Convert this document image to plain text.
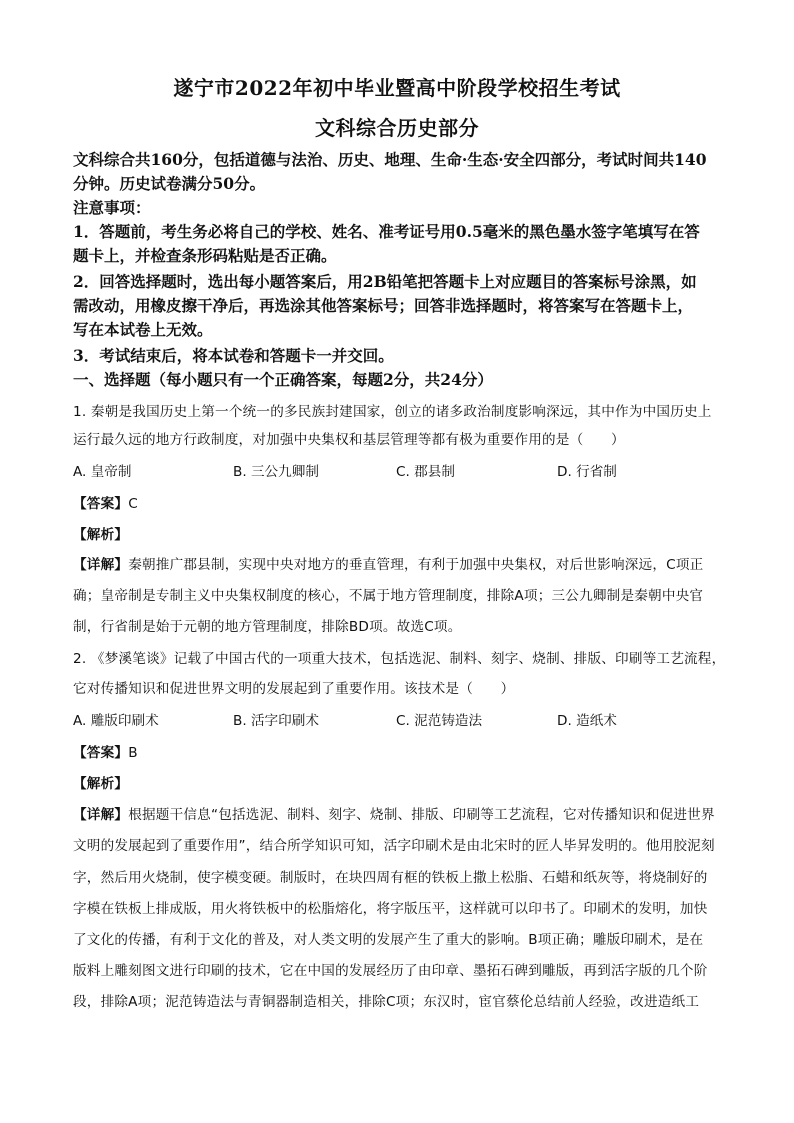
遂宁市2022年初中毕业暨高中阶段学校招生考试
文科综合历史部分
文科综合共160分，包括道德与法治、历史、地理、生命·生态·安全四部分，考试时间共140
分钟。历史试卷满分50分。
注意事项：
1．答题前，考生务必将自己的学校、姓名、准考证号用0.5毫米的黑色墨水签字笔填写在答
题卡上，并检查条形码粘贴是否正确。
2．回答选择题时，选出每小题答案后，用2B铅笔把答题卡上对应题目的答案标号涂黑，如
需改动，用橡皮擦干净后，再选涂其他答案标号；回答非选择题时，将答案写在答题卡上，
写在本试卷上无效。
3．考试结束后，将本试卷和答题卡一并交回。
一、选择题（每小题只有一个正确答案，每题2分，共24分）
1. 秦朝是我国历史上第一个统一的多民族封建国家，创立的诸多政治制度影响深远，其中作为中国历史上
运行最久远的地方行政制度，对加强中央集权和基层管理等都有极为重要作用的是（　　）
A. 皇帝制	B. 三公九卿制	C. 郡县制	D. 行省制
【答案】C
【解析】
【详解】秦朝推广郡县制，实现中央对地方的垂直管理，有利于加强中央集权，对后世影响深远，C项正
确；皇帝制是专制主义中央集权制度的核心，不属于地方管理制度，排除A项；三公九卿制是秦朝中央官
制，行省制是始于元朝的地方管理制度，排除BD项。故选C项。
2. 《梦溪笔谈》记载了中国古代的一项重大技术，包括选泥、制料、刻字、烧制、排版、印刷等工艺流程，
它对传播知识和促进世界文明的发展起到了重要作用。该技术是（　　）
A. 雕版印刷术	B. 活字印刷术	C. 泥范铸造法	D. 造纸术
【答案】B
【解析】
【详解】根据题干信息“包括选泥、制料、刻字、烧制、排版、印刷等工艺流程，它对传播知识和促进世界
文明的发展起到了重要作用”，结合所学知识可知，活字印刷术是由北宋时的匠人毕昇发明的。他用胶泥刻
字，然后用火烧制，使字模变硬。制版时，在块四周有框的铁板上撒上松脂、石蜡和纸灰等，将烧制好的
字模在铁板上排成版，用火将铁板中的松脂熔化，将字版压平，这样就可以印书了。印刷术的发明，加快
了文化的传播，有利于文化的普及，对人类文明的发展产生了重大的影响。B项正确；雕版印刷术，是在
版料上雕刻图文进行印刷的技术，它在中国的发展经历了由印章、墨拓石碑到雕版，再到活字版的几个阶
段，排除A项；泥范铸造法与青铜器制造相关，排除C项；东汉时，宦官蔡伦总结前人经验，改进造纸工
